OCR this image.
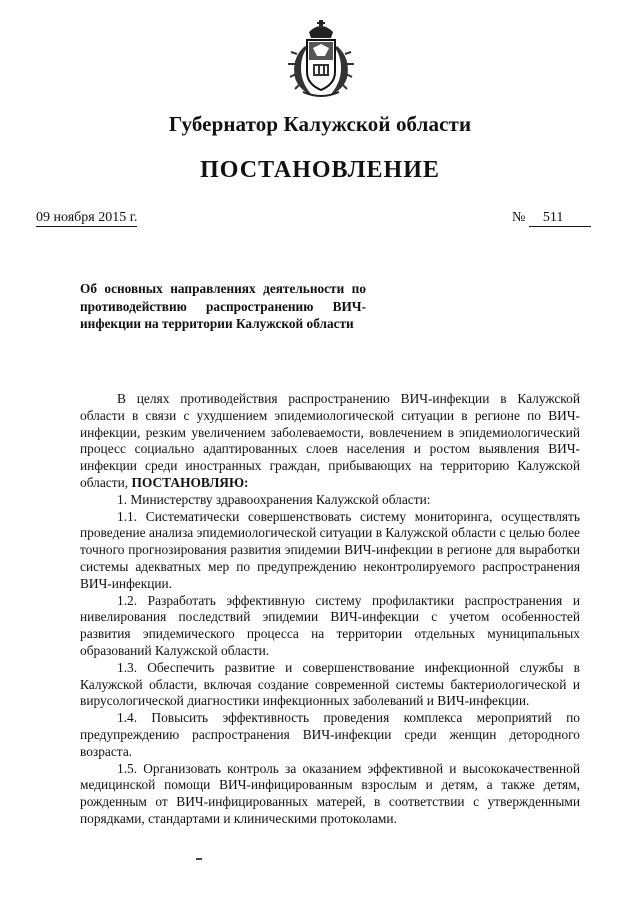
Губернатор Калужской области
ПОСТАНОВЛЕНИЕ
09 ноября 2015 г.	№ 511
Об основных направлениях деятельности по противодействию распространению ВИЧ-инфекции на территории Калужской области

В целях противодействия распространению ВИЧ-инфекции в Калужской области в связи с ухудшением эпидемиологической ситуации в регионе по ВИЧ-инфекции, резким увеличением заболеваемости, вовлечением в эпидемиологический процесс социально адаптированных слоев населения и ростом выявления ВИЧ-инфекции среди иностранных граждан, прибывающих на территорию Калужской области, ПОСТАНОВЛЯЮ:

1. Министерству здравоохранения Калужской области:

1.1. Систематически совершенствовать систему мониторинга, осуществлять проведение анализа эпидемиологической ситуации в Калужской области с целью более точного прогнозирования развития эпидемии ВИЧ-инфекции в регионе для выработки системы адекватных мер по предупреждению неконтролируемого распространения ВИЧ-инфекции.

1.2. Разработать эффективную систему профилактики распространения и нивелирования последствий эпидемии ВИЧ-инфекции с учетом особенностей развития эпидемического процесса на территории отдельных муниципальных образований Калужской области.

1.3. Обеспечить развитие и совершенствование инфекционной службы в Калужской области, включая создание современной системы бактериологической и вирусологической диагностики инфекционных заболеваний и ВИЧ-инфекции.

1.4. Повысить эффективность проведения комплекса мероприятий по предупреждению распространения ВИЧ-инфекции среди женщин детородного возраста.

1.5. Организовать контроль за оказанием эффективной и высококачественной медицинской помощи ВИЧ-инфицированным взрослым и детям, а также детям, рожденным от ВИЧ-инфицированных матерей, в соответствии с утвержденными порядками, стандартами и клиническими протоколами.
